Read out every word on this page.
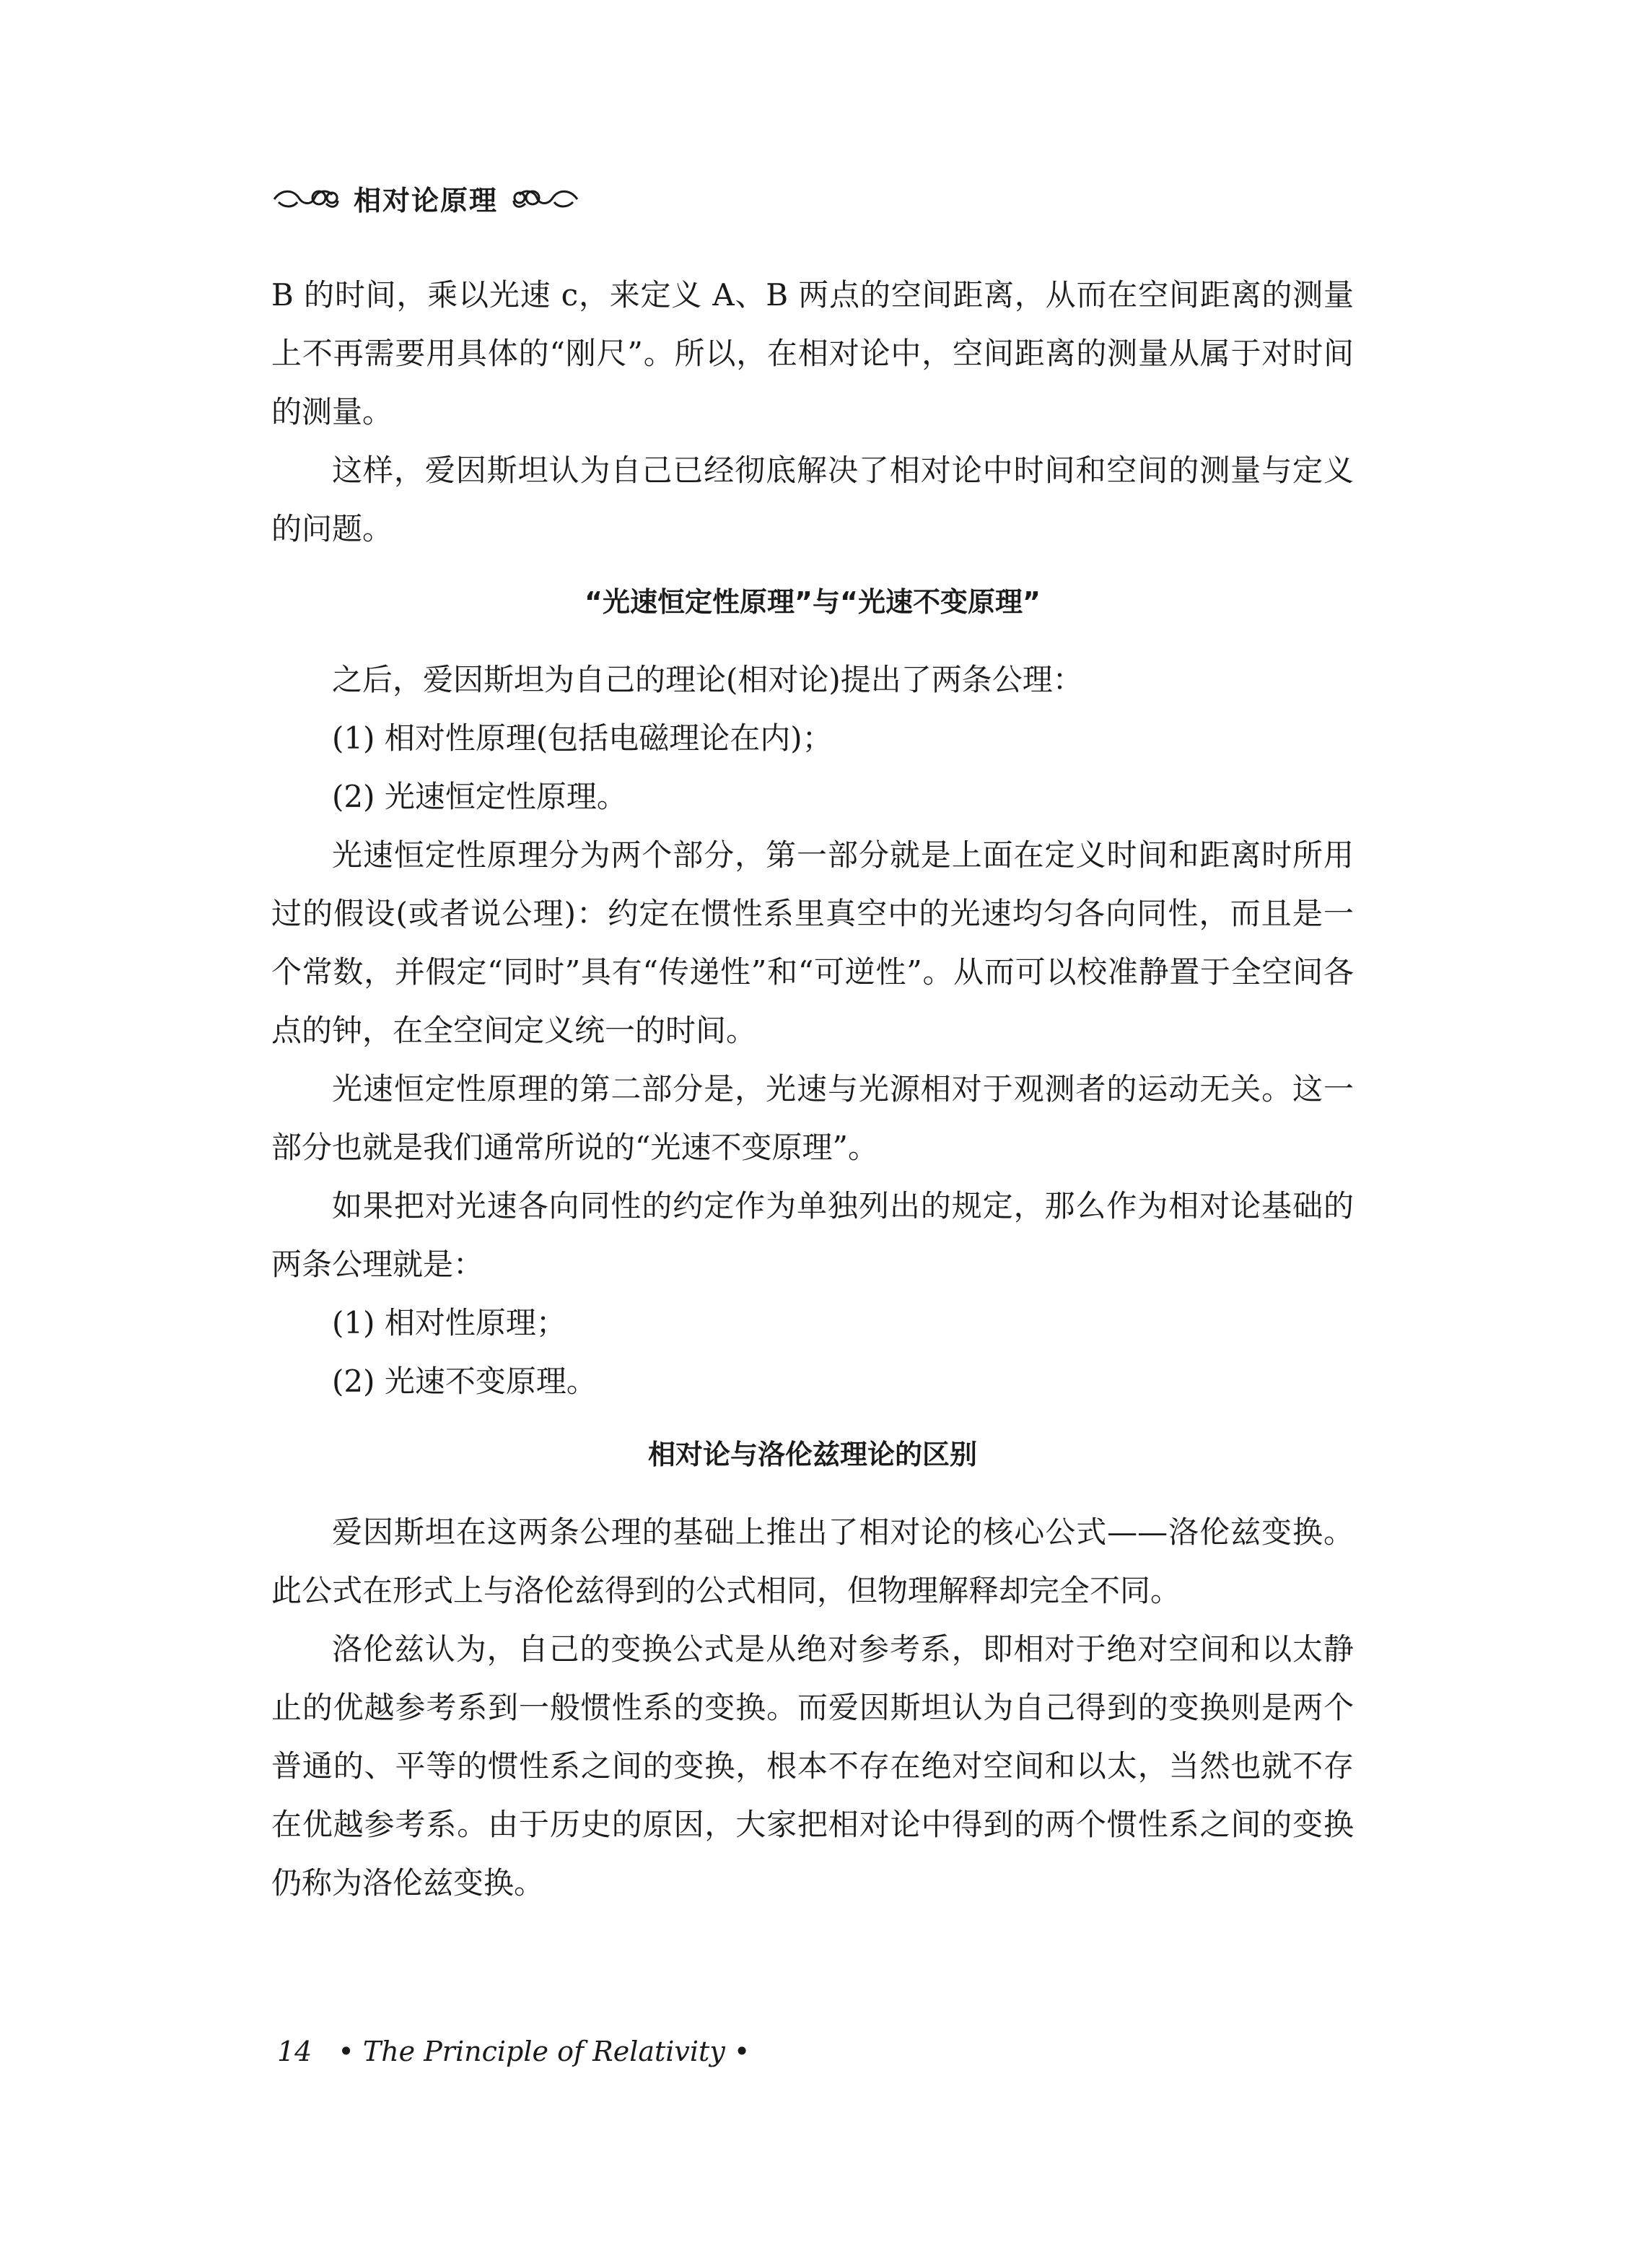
相对论原理

B 的时间，乘以光速 c，来定义 A、B 两点的空间距离，从而在空间距离的测量上不再需要用具体的“刚尺”。所以，在相对论中，空间距离的测量从属于对时间的测量。

这样，爱因斯坦认为自己已经彻底解决了相对论中时间和空间的测量与定义的问题。

“光速恒定性原理”与“光速不变原理”

之后，爱因斯坦为自己的理论(相对论)提出了两条公理：

(1) 相对性原理(包括电磁理论在内)；

(2) 光速恒定性原理。

光速恒定性原理分为两个部分，第一部分就是上面在定义时间和距离时所用过的假设(或者说公理)：约定在惯性系里真空中的光速均匀各向同性，而且是一个常数，并假定“同时”具有“传递性”和“可逆性”。从而可以校准静置于全空间各点的钟，在全空间定义统一的时间。

光速恒定性原理的第二部分是，光速与光源相对于观测者的运动无关。这一部分也就是我们通常所说的“光速不变原理”。

如果把对光速各向同性的约定作为单独列出的规定，那么作为相对论基础的两条公理就是：

(1) 相对性原理；

(2) 光速不变原理。

相对论与洛伦兹理论的区别

爱因斯坦在这两条公理的基础上推出了相对论的核心公式——洛伦兹变换。此公式在形式上与洛伦兹得到的公式相同，但物理解释却完全不同。

洛伦兹认为，自己的变换公式是从绝对参考系，即相对于绝对空间和以太静止的优越参考系到一般惯性系的变换。而爱因斯坦认为自己得到的变换则是两个普通的、平等的惯性系之间的变换，根本不存在绝对空间和以太，当然也就不存在优越参考系。由于历史的原因，大家把相对论中得到的两个惯性系之间的变换仍称为洛伦兹变换。

14 • The Principle of Relativity •
